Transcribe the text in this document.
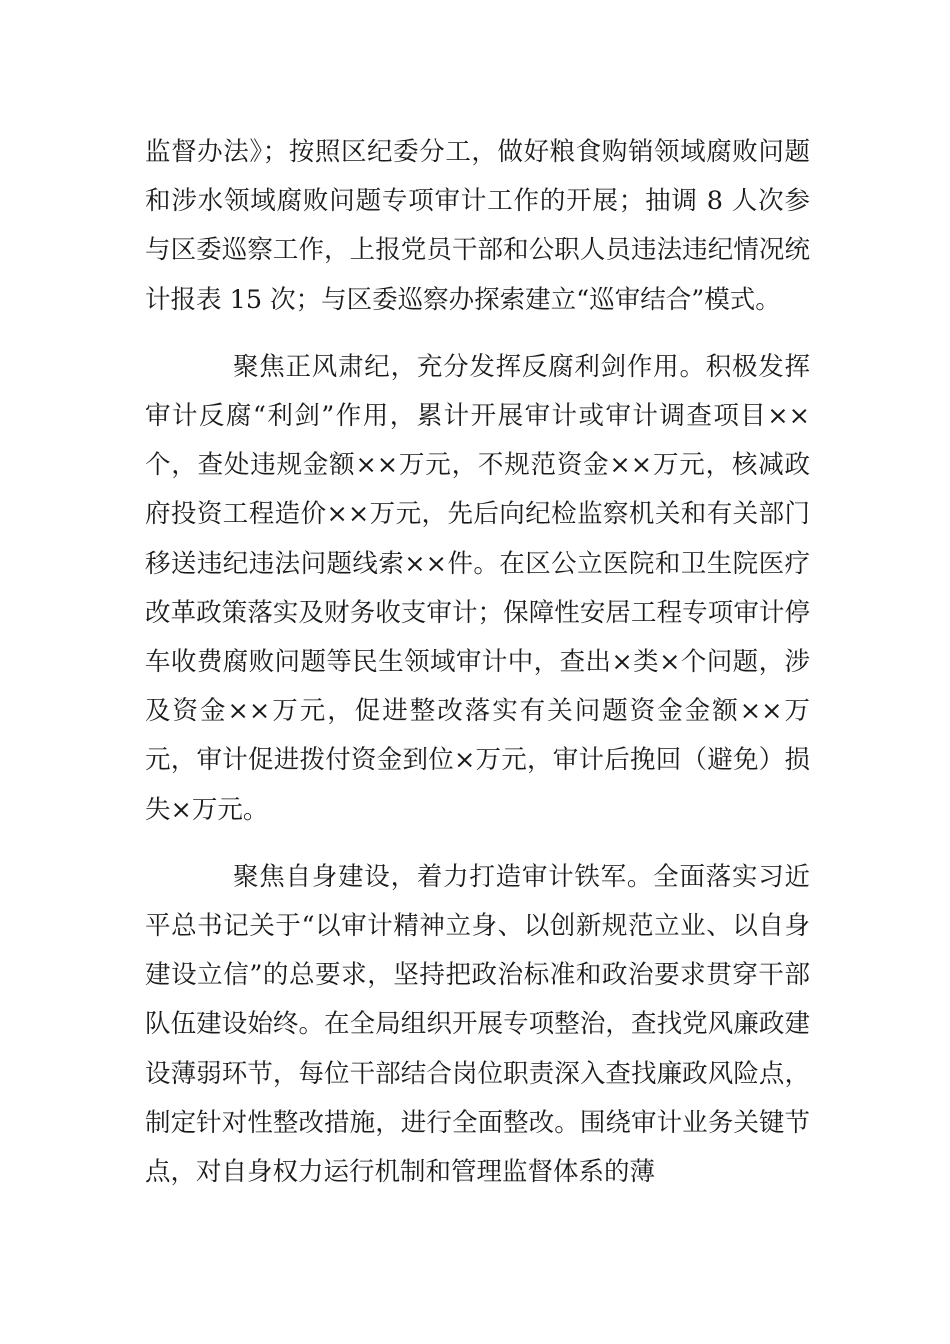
监督办法》；按照区纪委分工，做好粮食购销领域腐败问题和涉水领域腐败问题专项审计工作的开展；抽调 8 人次参与区委巡察工作，上报党员干部和公职人员违法违纪情况统计报表 15 次；与区委巡察办探索建立“巡审结合”模式。

聚焦正风肃纪，充分发挥反腐利剑作用。积极发挥审计反腐“利剑”作用，累计开展审计或审计调查项目××个，查处违规金额××万元，不规范资金××万元，核减政府投资工程造价××万元，先后向纪检监察机关和有关部门移送违纪违法问题线索××件。在区公立医院和卫生院医疗改革政策落实及财务收支审计；保障性安居工程专项审计停车收费腐败问题等民生领域审计中，查出×类×个问题，涉及资金××万元，促进整改落实有关问题资金金额××万元，审计促进拨付资金到位×万元，审计后挽回（避免）损失×万元。

聚焦自身建设，着力打造审计铁军。全面落实习近平总书记关于“以审计精神立身、以创新规范立业、以自身建设立信”的总要求，坚持把政治标准和政治要求贯穿干部队伍建设始终。在全局组织开展专项整治，查找党风廉政建设薄弱环节，每位干部结合岗位职责深入查找廉政风险点，制定针对性整改措施，进行全面整改。围绕审计业务关键节点，对自身权力运行机制和管理监督体系的薄
